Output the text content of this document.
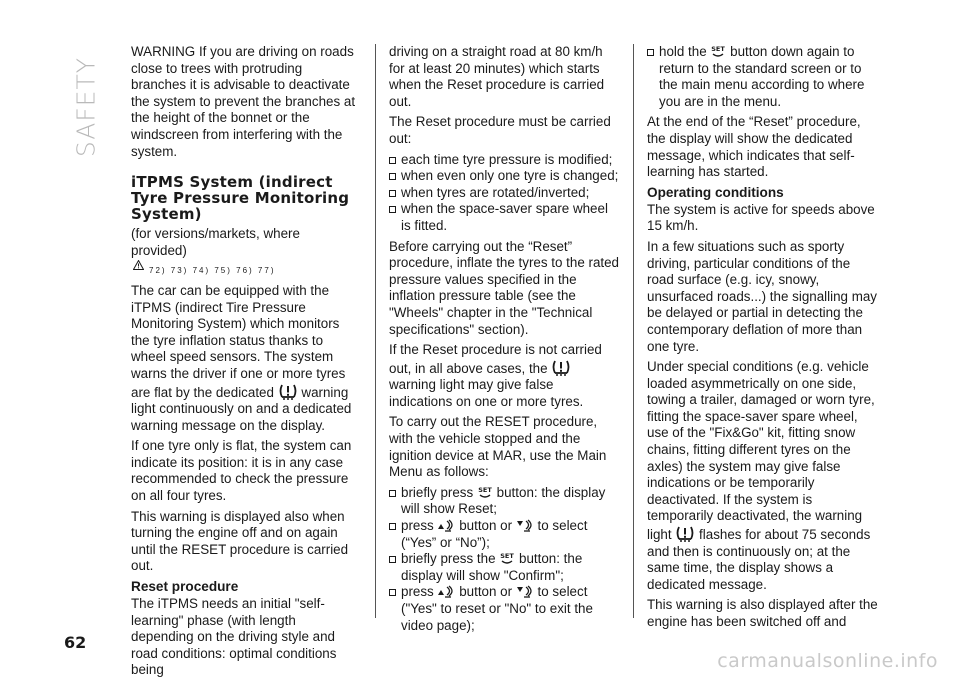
SAFETY

WARNING If you are driving on roads close to trees with protruding branches it is advisable to deactivate the system to prevent the branches at the height of the bonnet or the windscreen from interfering with the system.

iTPMS System (indirect Tyre Pressure Monitoring System)

(for versions/markets, where provided)

72) 73) 74) 75) 76) 77)

The car can be equipped with the iTPMS (indirect Tire Pressure Monitoring System) which monitors the tyre inflation status thanks to wheel speed sensors. The system warns the driver if one or more tyres are flat by the dedicated warning light continuously on and a dedicated warning message on the display.

If one tyre only is flat, the system can indicate its position: it is in any case recommended to check the pressure on all four tyres.

This warning is displayed also when turning the engine off and on again until the RESET procedure is carried out.

Reset procedure

The iTPMS needs an initial "self-learning" phase (with length depending on the driving style and road conditions: optimal conditions being

driving on a straight road at 80 km/h for at least 20 minutes) which starts when the Reset procedure is carried out.

The Reset procedure must be carried out:

each time tyre pressure is modified;
when even only one tyre is changed;
when tyres are rotated/inverted;
when the space-saver spare wheel is fitted.

Before carrying out the “Reset” procedure, inflate the tyres to the rated pressure values specified in the inflation pressure table (see the "Wheels" chapter in the "Technical specifications" section).

If the Reset procedure is not carried out, in all above cases, the  warning light may give false indications on one or more tyres.

To carry out the RESET procedure, with the vehicle stopped and the ignition device at MAR, use the Main Menu as follows:

briefly press SET button: the display will show Reset;
press button or to select (“Yes” or “No”);
briefly press the SET button: the display will show "Confirm";
press button or to select ("Yes" to reset or "No" to exit the video page);
hold the SET button down again to return to the standard screen or to the main menu according to where you are in the menu.

At the end of the “Reset” procedure, the display will show the dedicated message, which indicates that self-learning has started.

Operating conditions

The system is active for speeds above 15 km/h.

In a few situations such as sporty driving, particular conditions of the road surface (e.g. icy, snowy, unsurfaced roads...) the signalling may be delayed or partial in detecting the contemporary deflation of more than one tyre.

Under special conditions (e.g. vehicle loaded asymmetrically on one side, towing a trailer, damaged or worn tyre, fitting the space-saver spare wheel, use of the "Fix&Go" kit, fitting snow chains, fitting different tyres on the axles) the system may give false indications or be temporarily deactivated. If the system is temporarily deactivated, the warning light flashes for about 75 seconds and then is continuously on; at the same time, the display shows a dedicated message.

This warning is also displayed after the engine has been switched off and

62
carmanualsonline.info
